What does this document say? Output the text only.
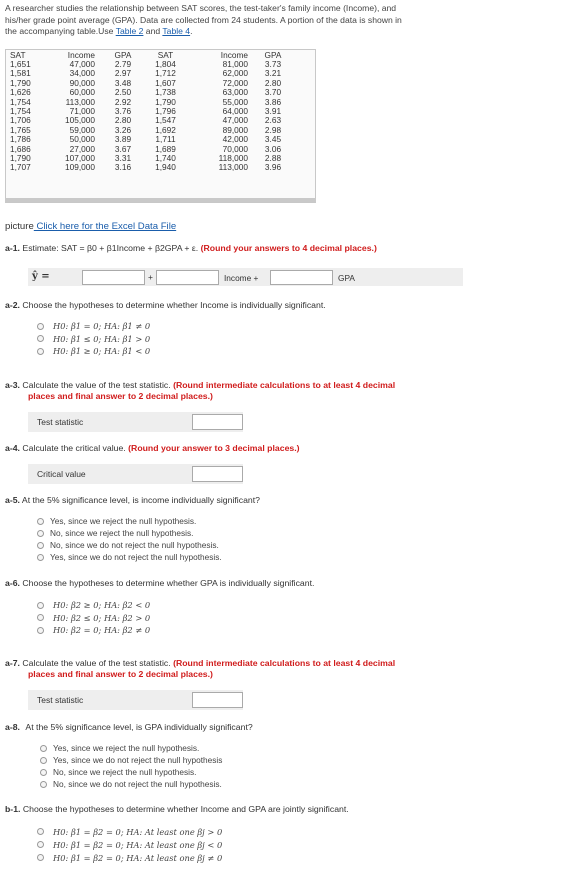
A researcher studies the relationship between SAT scores, the test-taker's family income (Income), and
his/her grade point average (GPA). Data are collected from 24 students. A portion of the data is shown in
the accompanying table.Use Table 2 and Table 4.
SAT	Income	GPA	SAT	Income	GPA
1,651	47,000	2.79	1,804	81,000	3.73
1,581	34,000	2.97	1,712	62,000	3.21
1,790	90,000	3.48	1,607	72,000	2.80
1,626	60,000	2.50	1,738	63,000	3.70
1,754	113,000	2.92	1,790	55,000	3.86
1,754	71,000	3.76	1,796	64,000	3.91
1,706	105,000	2.80	1,547	47,000	2.63
1,765	59,000	3.26	1,692	89,000	2.98
1,786	50,000	3.89	1,711	42,000	3.45
1,686	27,000	3.67	1,689	70,000	3.06
1,790	107,000	3.31	1,740	118,000	2.88
1,707	109,000	3.16	1,940	113,000	3.96
picture Click here for the Excel Data File
a-1. Estimate: SAT = β0 + β1Income + β2GPA + ε. (Round your answers to 4 decimal places.)
ŷ =	+	Income +	GPA
a-2. Choose the hypotheses to determine whether Income is individually significant.
H0: β1 = 0; HA: β1 ≠ 0
H0: β1 ≤ 0; HA: β1 > 0
H0: β1 ≥ 0; HA: β1 < 0
a-3. Calculate the value of the test statistic. (Round intermediate calculations to at least 4 decimal
places and final answer to 2 decimal places.)
Test statistic
a-4. Calculate the critical value. (Round your answer to 3 decimal places.)
Critical value
a-5. At the 5% significance level, is income individually significant?
Yes, since we reject the null hypothesis.
No, since we reject the null hypothesis.
No, since we do not reject the null hypothesis.
Yes, since we do not reject the null hypothesis.
a-6. Choose the hypotheses to determine whether GPA is individually significant.
H0: β2 ≥ 0; HA: β2 < 0
H0: β2 ≤ 0; HA: β2 > 0
H0: β2 = 0; HA: β2 ≠ 0
a-7. Calculate the value of the test statistic. (Round intermediate calculations to at least 4 decimal
places and final answer to 2 decimal places.)
Test statistic
a-8. At the 5% significance level, is GPA individually significant?
Yes, since we reject the null hypothesis.
Yes, since we do not reject the null hypothesis
No, since we reject the null hypothesis.
No, since we do not reject the null hypothesis.
b-1. Choose the hypotheses to determine whether Income and GPA are jointly significant.
H0: β1 = β2 = 0; HA: At least one βj > 0
H0: β1 = β2 = 0; HA: At least one βj < 0
H0: β1 = β2 = 0; HA: At least one βj ≠ 0
